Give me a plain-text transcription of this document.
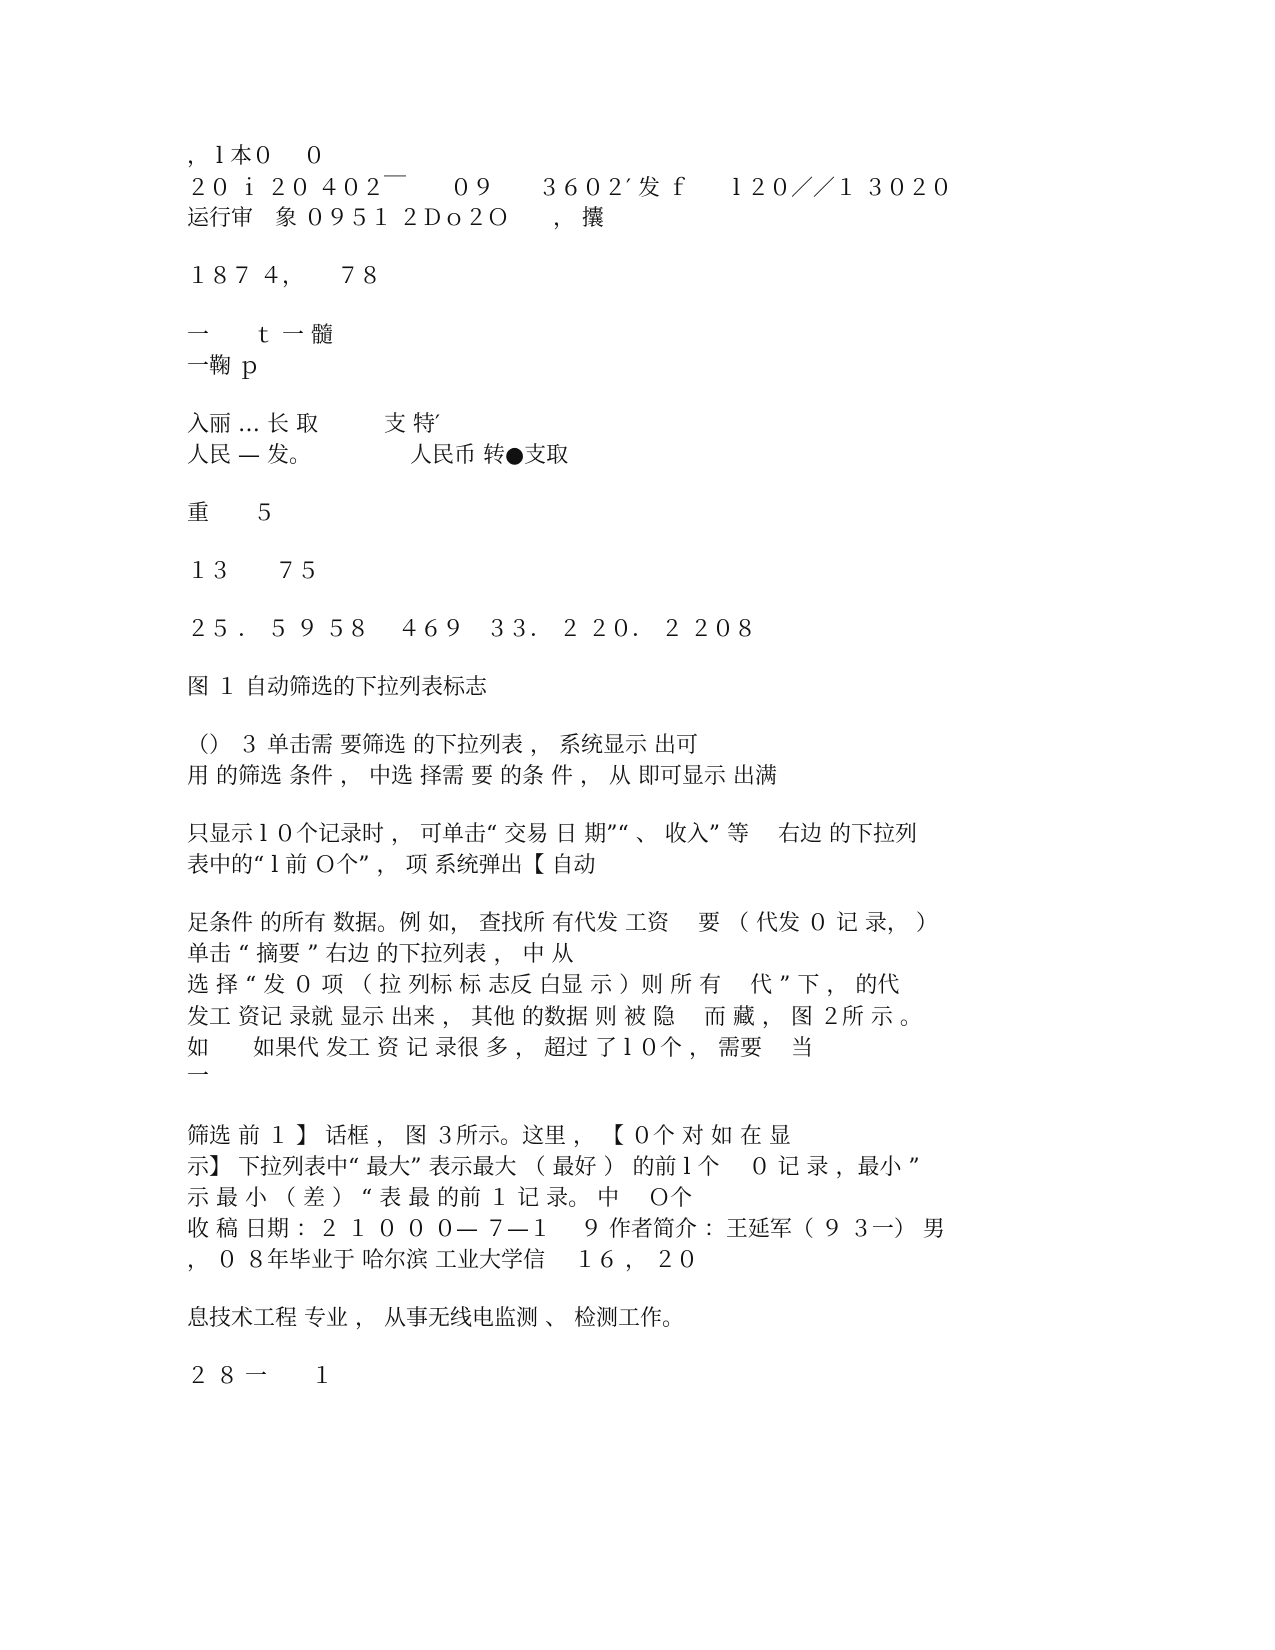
， l 本０　 ０

２０ ｉ ２０ ４０２￣　　０９　　３６０２′ 发 ｆ　　l ２０／／１ ３０２０

运行审　象 ０９５１ ２Ｄｏ２Ｏ　　， 攮

１８７ ４，　　７８

一　　ｔ 一 髓

一鞠 ｐ

入丽 … 长 取　　　支 特′

人民 — 发。　　　　　人民币 转●支取

重　　５

１３　　７５

２５ ． ５ ９ ５８　 ４６９　３３． ２ ２０． ２ ２０８

图 １ 自动筛选的下拉列表标志

（） ３ 单击需 要筛选 的下拉列表 ， 系统显示 出可

用 的筛选 条件 ， 中选 择需 要 的条 件 ， 从 即可显示 出满

只显示 l ０个记录时 ， 可单击“ 交易 日 期”“ 、 收入” 等　 右边 的下拉列

表中的“ l 前 Ｏ个” ， 项 系统弹出【 自动

足条件 的所有 数据。例 如， 查找所 有代发 工资　 要 （ 代发 ０ 记 录， ）

单击 “ 摘要 ” 右边 的下拉列表 ， 中 从

选 择 “ 发 ０ 项 （ 拉 列标 标 志反 白显 示 ）则 所 有　 代 ” 下 ， 的代

发工 资记 录就 显示 出来 ， 其他 的数据 则 被 隐　 而 藏 ， 图 ２所 示 。

如　　如果代 发工 资 记 录很 多 ， 超过 了 l ０个 ， 需要　 当

一

筛选 前 １ 】 话框 ， 图 ３所示。这里 ， 【 ０个 对 如 在 显

示】 下拉列表中“ 最大” 表示最大 （ 最好 ） 的前 l 个　 ０ 记 录 ，最小 ”

示 最 小 （ 差 ） “ 表 最 的前 １ 记 录。 中　 Ｏ个

收 稿 日期 ：２ １ ０ ０ ０— ７—１　 ９ 作者简介 ：王延军（ ９ ３一） 男

， ０ ８年毕业于 哈尔滨 工业大学信　 １６ ， ２０

息技术工程 专业 ， 从事无线电监测 、 检测工作。

２ ８ 一　　１
